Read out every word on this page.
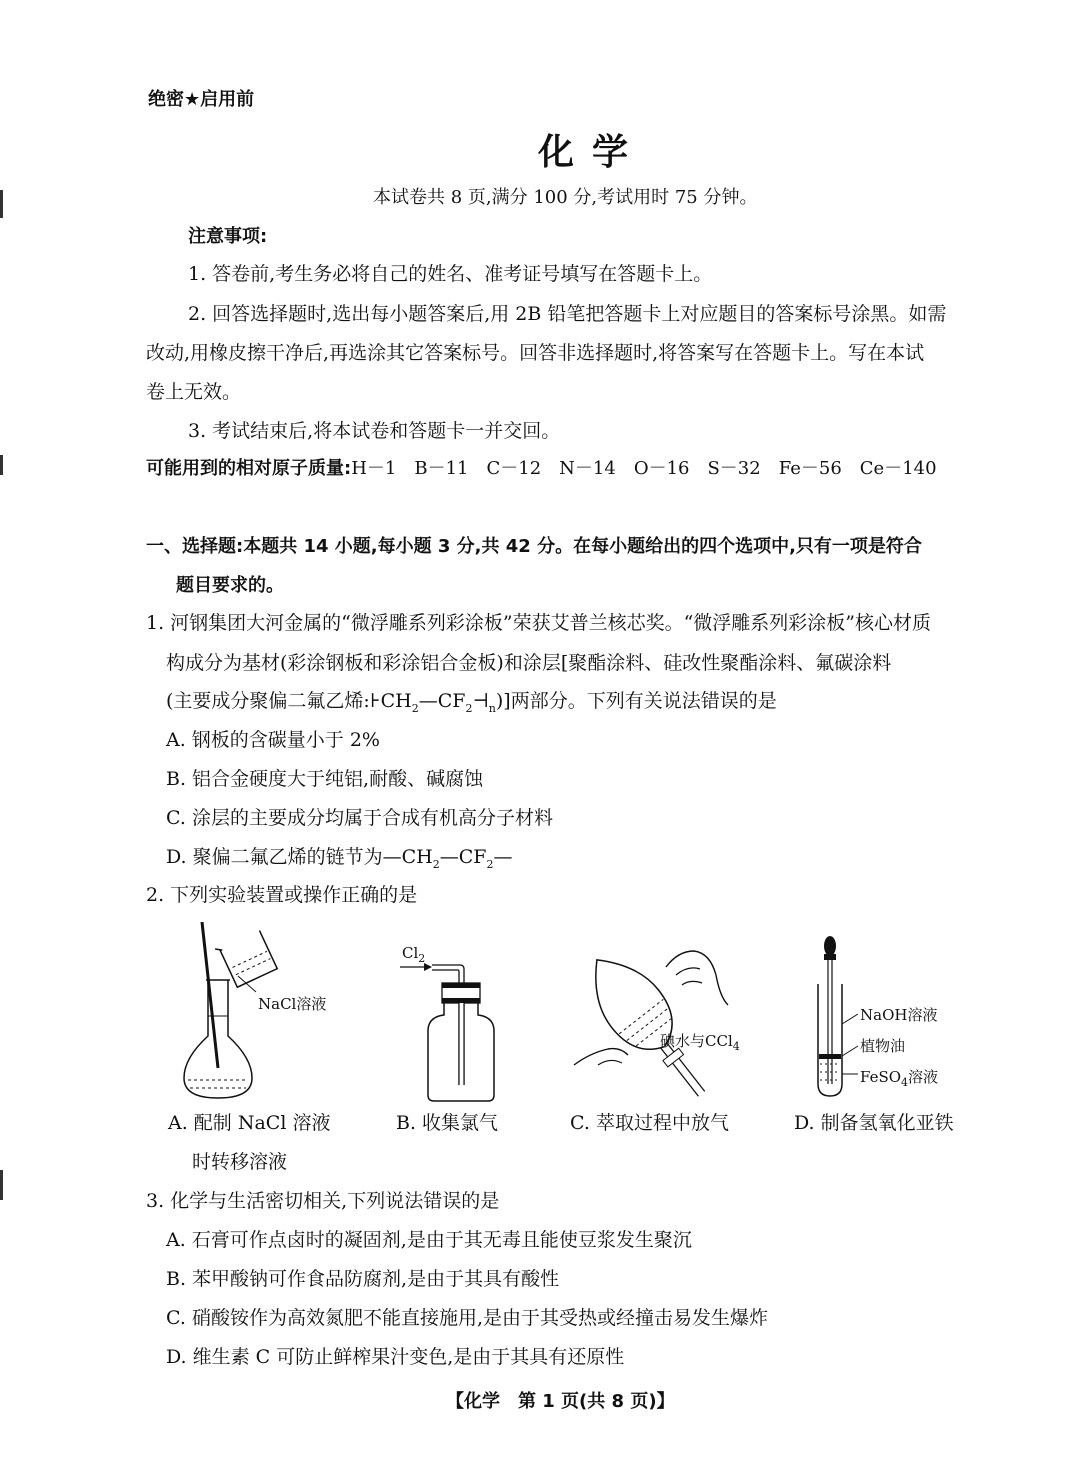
绝密★启用前
化学
本试卷共 8 页,满分 100 分,考试用时 75 分钟。
注意事项:
1. 答卷前,考生务必将自己的姓名、准考证号填写在答题卡上。
2. 回答选择题时,选出每小题答案后,用 2B 铅笔把答题卡上对应题目的答案标号涂黑。如需
改动,用橡皮擦干净后,再选涂其它答案标号。回答非选择题时,将答案写在答题卡上。写在本试
卷上无效。
3. 考试结束后,将本试卷和答题卡一并交回。
可能用到的相对原子质量:H－1　B－11　C－12　N－14　O－16　S－32　Fe－56　Ce－140
一、选择题:本题共 14 小题,每小题 3 分,共 42 分。在每小题给出的四个选项中,只有一项是符合
题目要求的。
1. 河钢集团大河金属的“微浮雕系列彩涂板”荣获艾普兰核芯奖。“微浮雕系列彩涂板”核心材质
构成分为基材(彩涂钢板和彩涂铝合金板)和涂层[聚酯涂料、硅改性聚酯涂料、氟碳涂料
(主要成分聚偏二氟乙烯$:⊦CH_2—CF_2⊣_n$)]两部分。下列有关说法错误的是
A. 钢板的含碳量小于 2%
B. 铝合金硬度大于纯铝,耐酸、碱腐蚀
C. 涂层的主要成分均属于合成有机高分子材料
D. 聚偏二氟乙烯的链节为$—CH_2—CF_2—$
2. 下列实验装置或操作正确的是
NaCl溶液
$Cl_2$
碘水与CCl$_4$
NaOH溶液
植物油
FeSO$_4$溶液
A. 配制 NaCl 溶液
时转移溶液
B. 收集氯气	C. 萃取过程中放气	D. 制备氢氧化亚铁
3. 化学与生活密切相关,下列说法错误的是
A. 石膏可作点卤时的凝固剂,是由于其无毒且能使豆浆发生聚沉
B. 苯甲酸钠可作食品防腐剂,是由于其具有酸性
C. 硝酸铵作为高效氮肥不能直接施用,是由于其受热或经撞击易发生爆炸
D. 维生素 C 可防止鲜榨果汁变色,是由于其具有还原性
【化学　第 1 页(共 8 页)】
